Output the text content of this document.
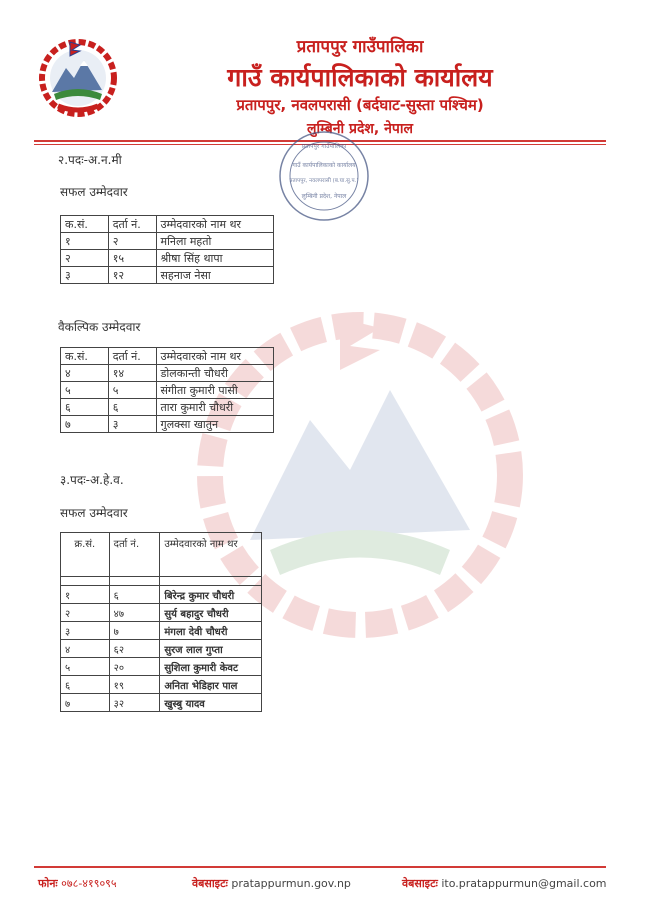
प्रतापपुर गाउँपालिका
गाउँ कार्यपालिकाको कार्यालय
प्रतापपुर, नवलपरासी (बर्दघाट-सुस्ता पश्चिम)
लुम्बिनी प्रदेश, नेपाल
प्रतापपुर गाउँपालिका
गाउँ कार्यपालिकाको कार्यालय
प्रतापपुर, नवलपरासी (ब.घा.सु.प.)
लुम्बिनी प्रदेश, नेपाल
२.पदः-अ.न.मी
सफल उम्मेदवार
क.सं.	दर्ता नं.	उम्मेदवारको नाम थर
१	२	मनिला महतो
२	१५	श्रीषा सिंह थापा
३	१२	सहनाज नेसा
वैकल्पिक उम्मेदवार
क.सं.	दर्ता नं.	उम्मेदवारको नाम थर
४	१४	डोलकान्ती चौधरी
५	५	संगीता कुमारी पासी
६	६	तारा कुमारी चौधरी
७	३	गुलक्सा खातुन
३.पदः-अ.हे.व.
सफल उम्मेदवार
क्र.सं.	दर्ता नं.	उम्मेदवारको नाम थर

१	६	बिरेन्द्र कुमार चौधरी
२	४७	सुर्य बहादुर चौधरी
३	७	मंगला देवी चौधरी
४	६२	सुरज लाल गुप्ता
५	२०	सुशिला कुमारी केवट
६	१९	अनिता भेडिहार पाल
७	३२	खुस्बु यादव
फोनः ०७८-४१९०९५	वेबसाइटः pratappurmun.gov.np	वेबसाइटः ito.pratappurmun@gmail.com
